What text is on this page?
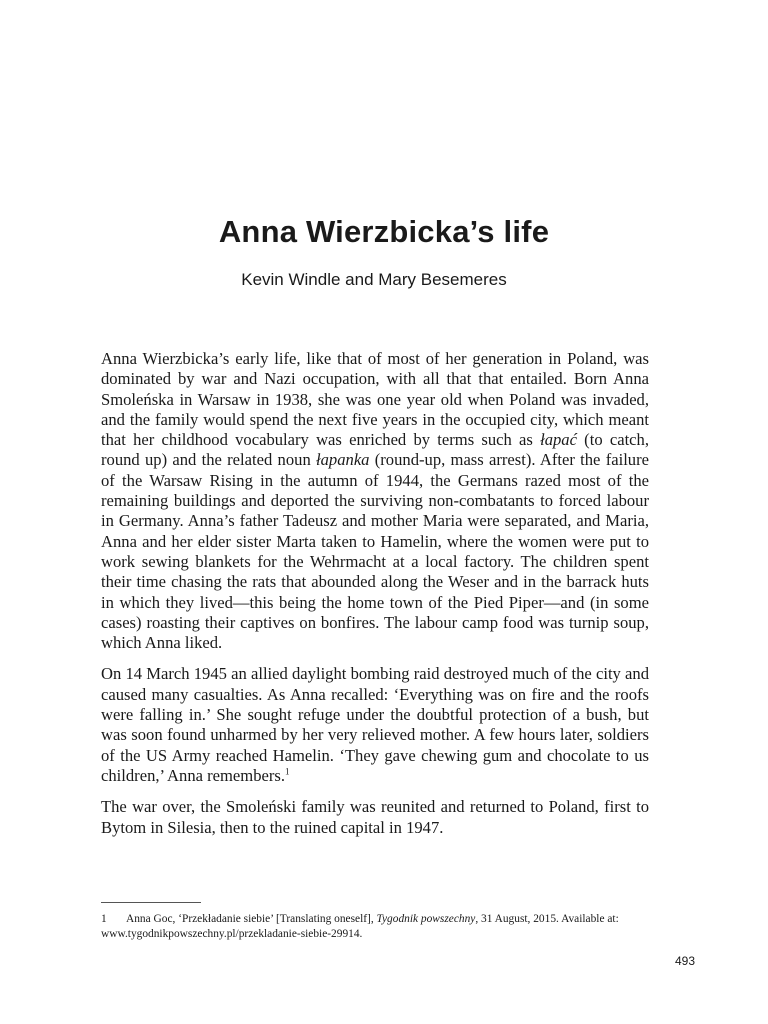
Anna Wierzbicka’s life
Kevin Windle and Mary Besemeres

Anna Wierzbicka’s early life, like that of most of her generation in Poland, was dominated by war and Nazi occupation, with all that that entailed. Born Anna Smoleńska in Warsaw in 1938, she was one year old when Poland was invaded, and the family would spend the next five years in the occupied city, which meant that her childhood vocabulary was enriched by terms such as łapać (to catch, round up) and the related noun łapanka (round-up, mass arrest). After the failure of the Warsaw Rising in the autumn of 1944, the Germans razed most of the remaining buildings and deported the surviving non-combatants to forced labour in Germany. Anna’s father Tadeusz and mother Maria were separated, and Maria, Anna and her elder sister Marta taken to Hamelin, where the women were put to work sewing blankets for the Wehrmacht at a local factory. The children spent their time chasing the rats that abounded along the Weser and in the barrack huts in which they lived—this being the home town of the Pied Piper—and (in some cases) roasting their captives on bonfires. The labour camp food was turnip soup, which Anna liked.

On 14 March 1945 an allied daylight bombing raid destroyed much of the city and caused many casualties. As Anna recalled: ‘Everything was on fire and the roofs were falling in.’ She sought refuge under the doubtful protection of a bush, but was soon found unharmed by her very relieved mother. A few hours later, soldiers of the US Army reached Hamelin. ‘They gave chewing gum and chocolate to us children,’ Anna remembers.$^1$

The war over, the Smoleński family was reunited and returned to Poland, first to Bytom in Silesia, then to the ruined capital in 1947.

1 Anna Goc, ‘Przekładanie siebie’ [Translating oneself], Tygodnik powszechny, 31 August, 2015. Available at: www.tygodnikpowszechny.pl/przekladanie-siebie-29914.
493
